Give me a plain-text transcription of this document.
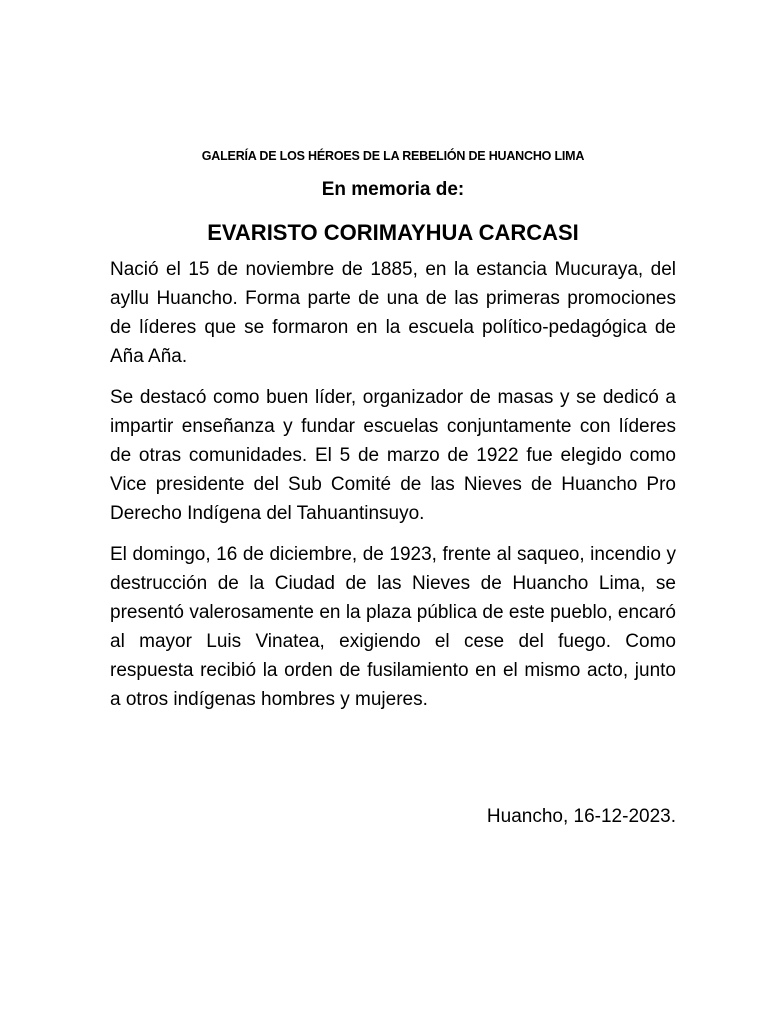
GALERÍA DE LOS HÉROES DE LA REBELIÓN DE HUANCHO LIMA
En memoria de:
EVARISTO CORIMAYHUA CARCASI

Nació el 15 de noviembre de 1885, en la estancia Mucuraya, del ayllu Huancho. Forma parte de una de las primeras promociones de líderes que se formaron en la escuela político-pedagógica de Aña Aña.

Se destacó como buen líder, organizador de masas y se dedicó a impartir enseñanza y fundar escuelas conjuntamente con líderes de otras comunidades. El 5 de marzo de 1922 fue elegido como Vice presidente del Sub Comité de las Nieves de Huancho Pro Derecho Indígena del Tahuantinsuyo.

El domingo, 16 de diciembre, de 1923, frente al saqueo, incendio y destrucción de la Ciudad de las Nieves de Huancho Lima, se presentó valerosamente en la plaza pública de este pueblo, encaró al mayor Luis Vinatea, exigiendo el cese del fuego. Como respuesta recibió la orden de fusilamiento en el mismo acto, junto a otros indígenas hombres y mujeres.

Huancho, 16-12-2023.
